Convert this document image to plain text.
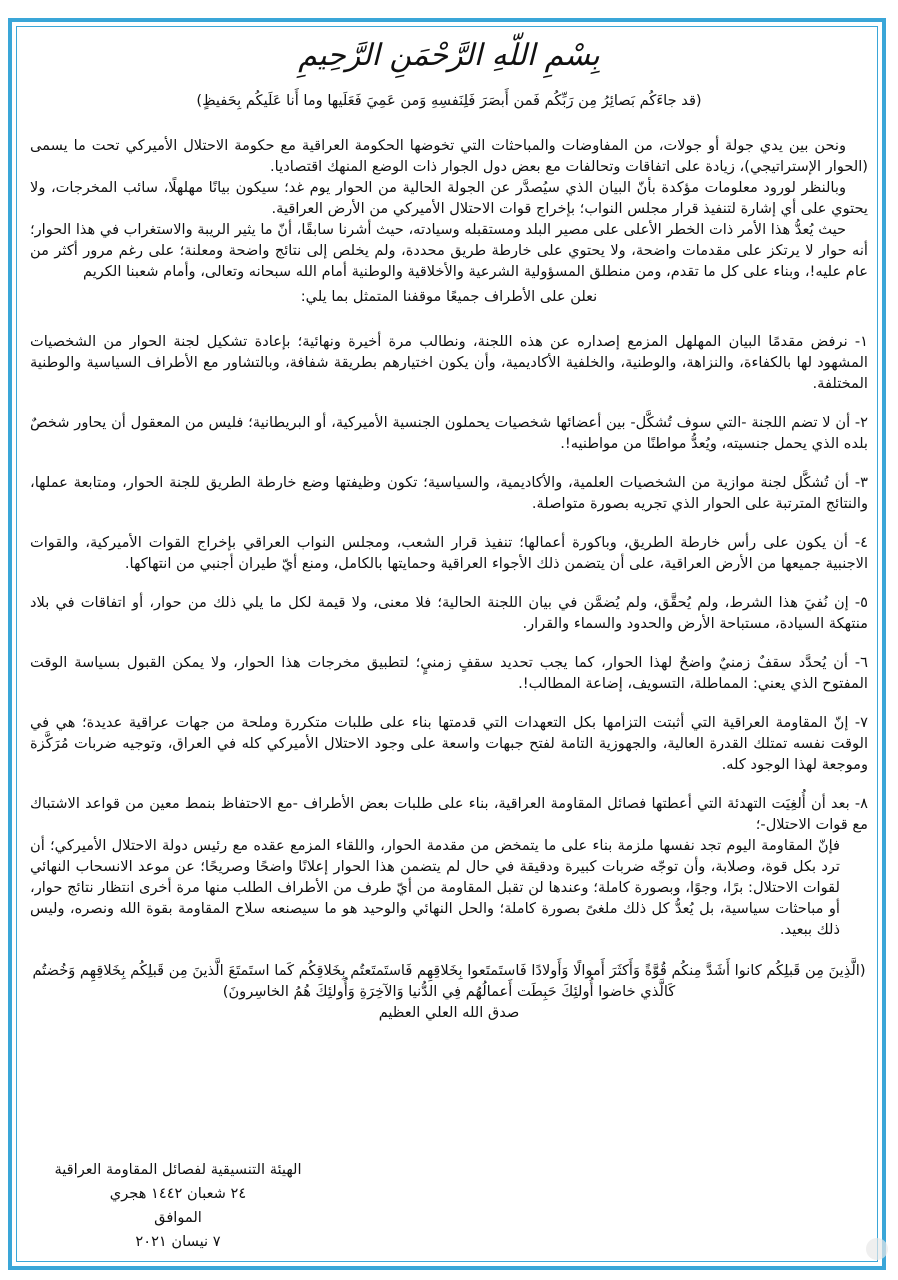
بِسْمِ اللّهِ الرَّحْمَنِ الرَّحِيمِ

(قد جاءَكُم بَصائِرُ مِن رَبِّكُم فَمن أَبصَرَ فَلِنَفسِهِ وَمن عَمِيَ فَعَلَيها وما أَنا عَلَيكُم بِحَفيظٍ)

ونحن بين يدي جولة أو جولات، من المفاوضات والمباحثات التي تخوضها الحكومة العراقية مع حكومة الاحتلال الأميركي تحت ما يسمى (الحوار الإستراتيجي)، زيادة على اتفاقات وتحالفات مع بعض دول الجوار ذات الوضع المنهك اقتصاديا.

وبالنظر لورود معلومات مؤكدة بأنّ البيان الذي سيُصدَّر عن الجولة الحالية من الحوار يوم غد؛ سيكون بيانًا مهلهلًا، سائب المخرجات، ولا يحتوي على أي إشارة لتنفيذ قرار مجلس النواب؛ بإخراج قوات الاحتلال الأميركي من الأرض العراقية.

حيث يُعدُّ هذا الأمر ذات الخطر الأعلى على مصير البلد ومستقبله وسيادته، حيث أشرنا سابقًا، أنّ ما يثير الريبة والاستغراب في هذا الحوار؛ أنه حوار لا يرتكز على مقدمات واضحة، ولا يحتوي على خارطة طريق محددة، ولم يخلص إلى نتائج واضحة ومعلنة؛ على رغم مرور أكثر من عام عليه!، وبناء على كل ما تقدم، ومن منطلق المسؤولية الشرعية والأخلاقية والوطنية أمام الله سبحانه وتعالى، وأمام شعبنا الكريم

نعلن على الأطراف جميعًا موقفنا المتمثل بما يلي:

١- نرفض مقدمًا البيان المهلهل المزمع إصداره عن هذه اللجنة، ونطالب مرة أخيرة ونهائية؛ بإعادة تشكيل لجنة الحوار من الشخصيات المشهود لها بالكفاءة، والنزاهة، والوطنية، والخلفية الأكاديمية، وأن يكون اختيارهم بطريقة شفافة، وبالتشاور مع الأطراف السياسية والوطنية المختلفة.

٢- أن لا تضم اللجنة -التي سوف تُشكَّل- بين أعضائها شخصيات يحملون الجنسية الأميركية، أو البريطانية؛ فليس من المعقول أن يحاور شخصٌ بلده الذي يحمل جنسيته، ويُعدُّ مواطنًا من مواطنيه!.

٣- أن تُشكَّل لجنة موازية من الشخصيات العلمية، والأكاديمية، والسياسية؛ تكون وظيفتها وضع خارطة الطريق للجنة الحوار، ومتابعة عملها، والنتائج المترتبة على الحوار الذي تجريه بصورة متواصلة.

٤- أن يكون على رأس خارطة الطريق، وباكورة أعمالها؛ تنفيذ قرار الشعب، ومجلس النواب العراقي بإخراج القوات الأميركية، والقوات الاجنبية جميعها من الأرض العراقية، على أن يتضمن ذلك الأجواء العراقية وحمايتها بالكامل، ومنع أيّ طيران أجنبي من انتهاكها.

٥- إن نُفيَ هذا الشرط، ولم يُحقَّق، ولم يُضمَّن في بيان اللجنة الحالية؛ فلا معنى، ولا قيمة لكل ما يلي ذلك من حوار، أو اتفاقات في بلاد منتهكة السيادة، مستباحة الأرض والحدود والسماء والقرار.

٦- أن يُحدَّد سقفٌ زمنيٌ واضحٌ لهذا الحوار، كما يجب تحديد سقفٍ زمنيٍ؛ لتطبيق مخرجات هذا الحوار، ولا يمكن القبول بسياسة الوقت المفتوح الذي يعني: المماطلة، التسويف، إضاعة المطالب!.

٧- إنّ المقاومة العراقية التي أثبتت التزامها بكل التعهدات التي قدمتها بناء على طلبات متكررة وملحة من جهات عراقية عديدة؛ هي في الوقت نفسه تمتلك القدرة العالية، والجهوزية التامة لفتح جبهات واسعة على وجود الاحتلال الأميركي كله في العراق، وتوجيه ضربات مُرَكَّزة وموجعة لهذا الوجود كله.

٨- بعد أن أُلغِيَت التهدئة التي أعطتها فصائل المقاومة العراقية، بناء على طلبات بعض الأطراف -مع الاحتفاظ بنمط معين من قواعد الاشتباك مع قوات الاحتلال-؛

فإنّ المقاومة اليوم تجد نفسها ملزمة بناء على ما يتمخض من مقدمة الحوار، واللقاء المزمع عقده مع رئيس دولة الاحتلال الأميركي؛ أن ترد بكل قوة، وصلابة، وأن توجّه ضربات كبيرة ودقيقة في حال لم يتضمن هذا الحوار إعلانًا واضحًا وصريحًا؛ عن موعد الانسحاب النهائي لقوات الاحتلال: برًا، وجوًا، وبصورة كاملة؛ وعندها لن تقبل المقاومة من أيّ طرف من الأطراف الطلب منها مرة أخرى انتظار نتائج حوار، أو مباحثات سياسية، بل يُعدُّ كل ذلك ملغىً بصورة كاملة؛ والحل النهائي والوحيد هو ما سيصنعه سلاح المقاومة بقوة الله ونصره، وليس ذلك ببعيد.

(الَّذِينَ مِن قَبلِكُم كانوا أَشَدَّ مِنكُم قُوَّةً وَأَكثَرَ أَموالًا وَأَولادًا فَاستَمتَعوا بِخَلاقِهِم فَاستَمتَعتُم بِخَلاقِكُم كَما استَمتَعَ الَّذينَ مِن قَبلِكُم بِخَلاقِهِم وَخُضتُم كَالَّذي خاضوا أُولئِكَ حَبِطَت أَعمالُهُم فِي الدُّنيا وَالآخِرَةِ وَأُولئِكَ هُمُ الخاسِرونَ)

صدق الله العلي العظيم

الهيئة التنسيقية لفصائل المقاومة العراقية
٢٤ شعبان ١٤٤٢ هجري
الموافق
٧ نيسان ٢٠٢١
